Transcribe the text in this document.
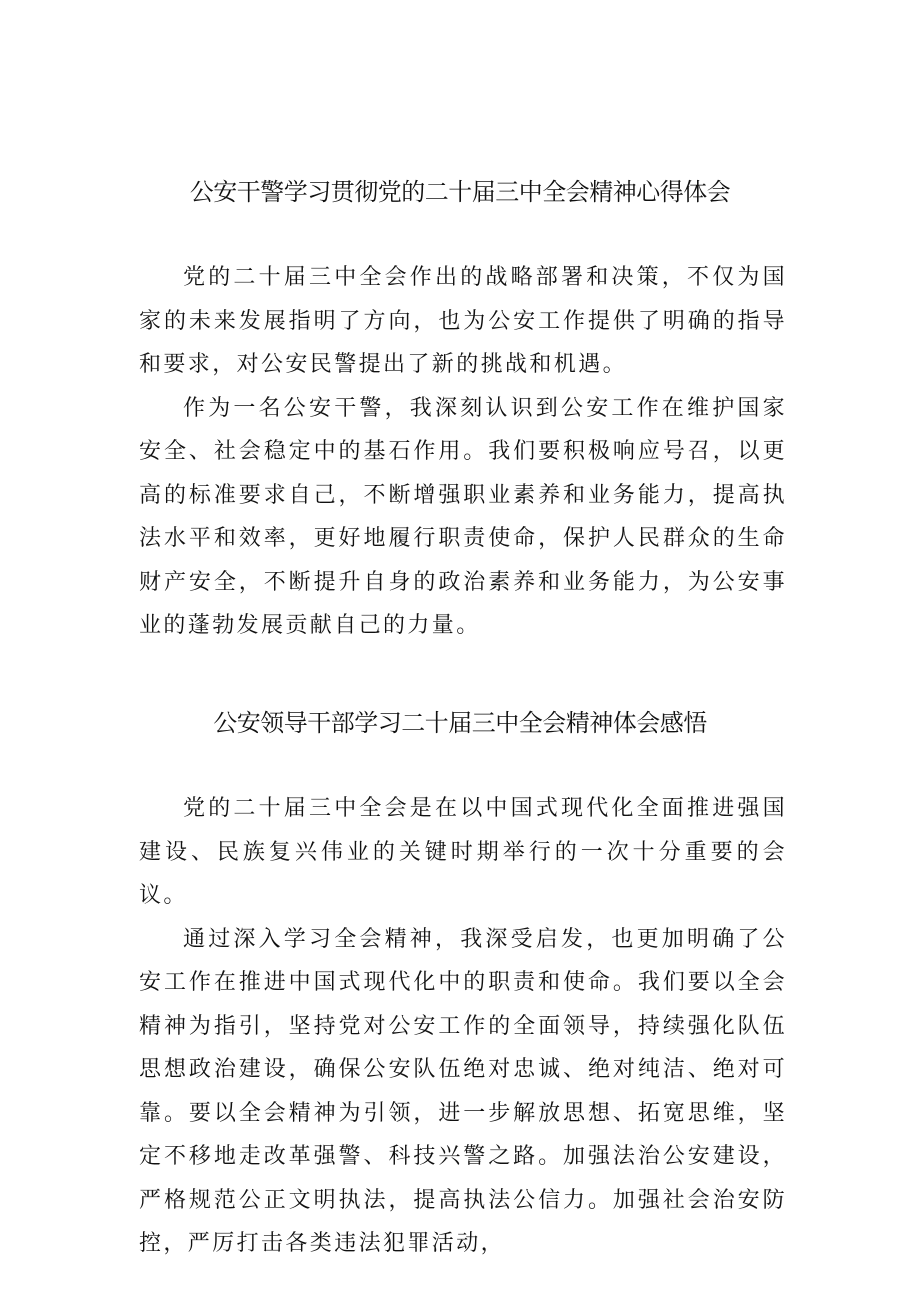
公安干警学习贯彻党的二十届三中全会精神心得体会

党的二十届三中全会作出的战略部署和决策，不仅为国家的未来发展指明了方向，也为公安工作提供了明确的指导和要求，对公安民警提出了新的挑战和机遇。

作为一名公安干警，我深刻认识到公安工作在维护国家安全、社会稳定中的基石作用。我们要积极响应号召，以更高的标准要求自己，不断增强职业素养和业务能力，提高执法水平和效率，更好地履行职责使命，保护人民群众的生命财产安全，不断提升自身的政治素养和业务能力，为公安事业的蓬勃发展贡献自己的力量。

公安领导干部学习二十届三中全会精神体会感悟

党的二十届三中全会是在以中国式现代化全面推进强国建设、民族复兴伟业的关键时期举行的一次十分重要的会议。

通过深入学习全会精神，我深受启发，也更加明确了公安工作在推进中国式现代化中的职责和使命。我们要以全会精神为指引，坚持党对公安工作的全面领导，持续强化队伍思想政治建设，确保公安队伍绝对忠诚、绝对纯洁、绝对可靠。要以全会精神为引领，进一步解放思想、拓宽思维，坚定不移地走改革强警、科技兴警之路。加强法治公安建设，严格规范公正文明执法，提高执法公信力。加强社会治安防控，严厉打击各类违法犯罪活动，
